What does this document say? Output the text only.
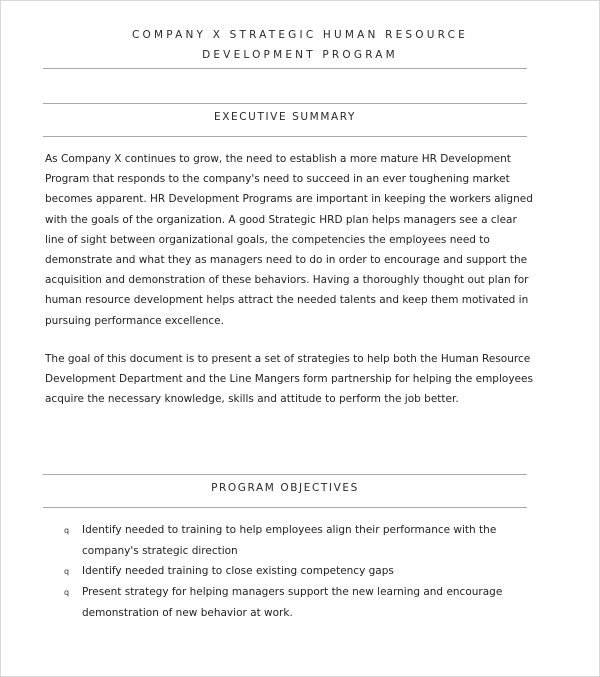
COMPANY X STRATEGIC HUMAN RESOURCE
DEVELOPMENT PROGRAM
EXECUTIVE SUMMARY

As Company X continues to grow, the need to establish a more mature HR Development
Program that responds to the company's need to succeed in an ever toughening market
becomes apparent. HR Development Programs are important in keeping the workers aligned
with the goals of the organization. A good Strategic HRD plan helps managers see a clear
line of sight between organizational goals, the competencies the employees need to
demonstrate and what they as managers need to do in order to encourage and support the
acquisition and demonstration of these behaviors. Having a thoroughly thought out plan for
human resource development helps attract the needed talents and keep them motivated in
pursuing performance excellence.

The goal of this document is to present a set of strategies to help both the Human Resource
Development Department and the Line Mangers form partnership for helping the employees
acquire the necessary knowledge, skills and attitude to perform the job better.

PROGRAM OBJECTIVES
q	Identify needed to training to help employees align their performance with the
company's strategic direction
q	Identify needed training to close existing competency gaps
q	Present strategy for helping managers support the new learning and encourage
demonstration of new behavior at work.
